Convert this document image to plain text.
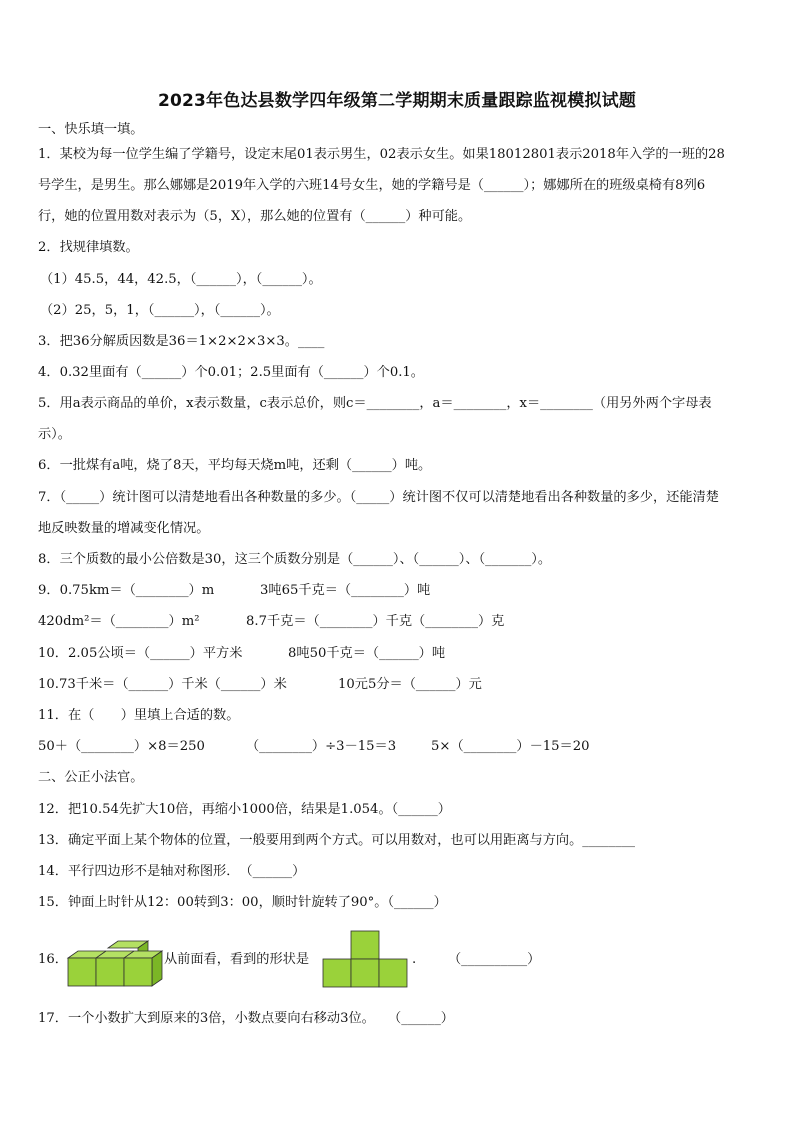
2023年色达县数学四年级第二学期期末质量跟踪监视模拟试题
一、快乐填一填。
1．某校为每一位学生编了学籍号，设定末尾01表示男生，02表示女生。如果18012801表示2018年入学的一班的28
号学生，是男生。那么娜娜是2019年入学的六班14号女生，她的学籍号是（______）；娜娜所在的班级桌椅有8列6
行，她的位置用数对表示为（5，X），那么她的位置有（______）种可能。
2．找规律填数。
（1）45.5，44，42.5，（______），（______）。
（2）25，5，1，（______），（______）。
3．把36分解质因数是36＝1×2×2×3×3。____
4．0.32里面有（______）个0.01；2.5里面有（______）个0.1。
5．用a表示商品的单价，x表示数量，c表示总价，则c＝________，a＝________，x＝________（用另外两个字母表
示）。
6．一批煤有a吨，烧了8天，平均每天烧m吨，还剩（______）吨。
7．（_____）统计图可以清楚地看出各种数量的多少。（_____）统计图不仅可以清楚地看出各种数量的多少，还能清楚
地反映数量的增减变化情况。
8．三个质数的最小公倍数是30，这三个质数分别是（______）、（______）、（_______）。
9．0.75km＝（________）m	3吨65千克＝（________）吨
420dm²＝（________）m²	8.7千克＝（________）千克（________）克
10．2.05公顷＝（______）平方米	8吨50千克＝（______）吨
10.73千米＝（______）千米（______）米	10元5分＝（______）元
11．在（　　）里填上合适的数。
50＋（________）×8＝250	（________）÷3－15＝3	5×（________）－15＝20
二、公正小法官。
12．把10.54先扩大10倍，再缩小1000倍，结果是1.054。（______）
13．确定平面上某个物体的位置，一般要用到两个方式。可以用数对，也可以用距离与方向。________
14．平行四边形不是轴对称图形．　（______）
15．钟面上时针从12：00转到3：00，顺时针旋转了90°。（______）
16．	从前面看，看到的形状是	.	（__________）
17．一个小数扩大到原来的3倍，小数点要向右移动3位。　　（______）
